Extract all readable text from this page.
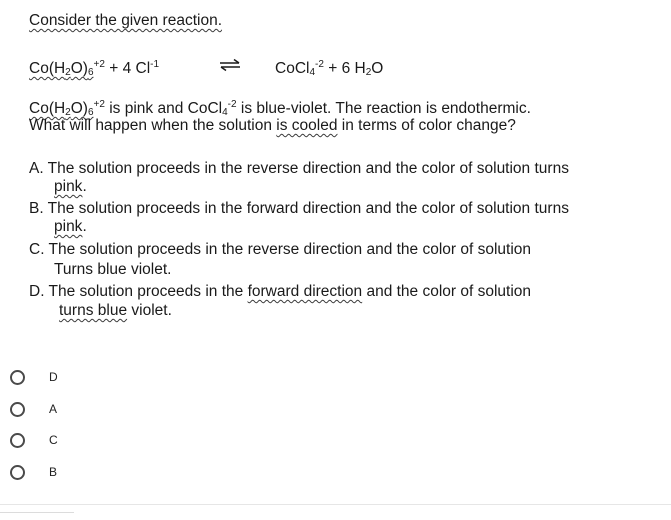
Consider the given reaction.
$Co(H_2O)_6^{+2} + 4$ $Cl^{-1}$	CoCl$_4^{-2}$ + 6 $H_2O$
$Co(H_2O)_6^{+2}$ is pink and CoCl$_4^{-2}$ is blue-violet. The reaction is endothermic.
What will happen when the solution is cooled in terms of color change?
A. The solution proceeds in the reverse direction and the color of solution turns
pink.
B. The solution proceeds in the forward direction and the color of solution turns
pink.
C. The solution proceeds in the reverse direction and the color of solution
Turns blue violet.
D. The solution proceeds in the forward direction and the color of solution
turns blue violet.
D
A
C
B
